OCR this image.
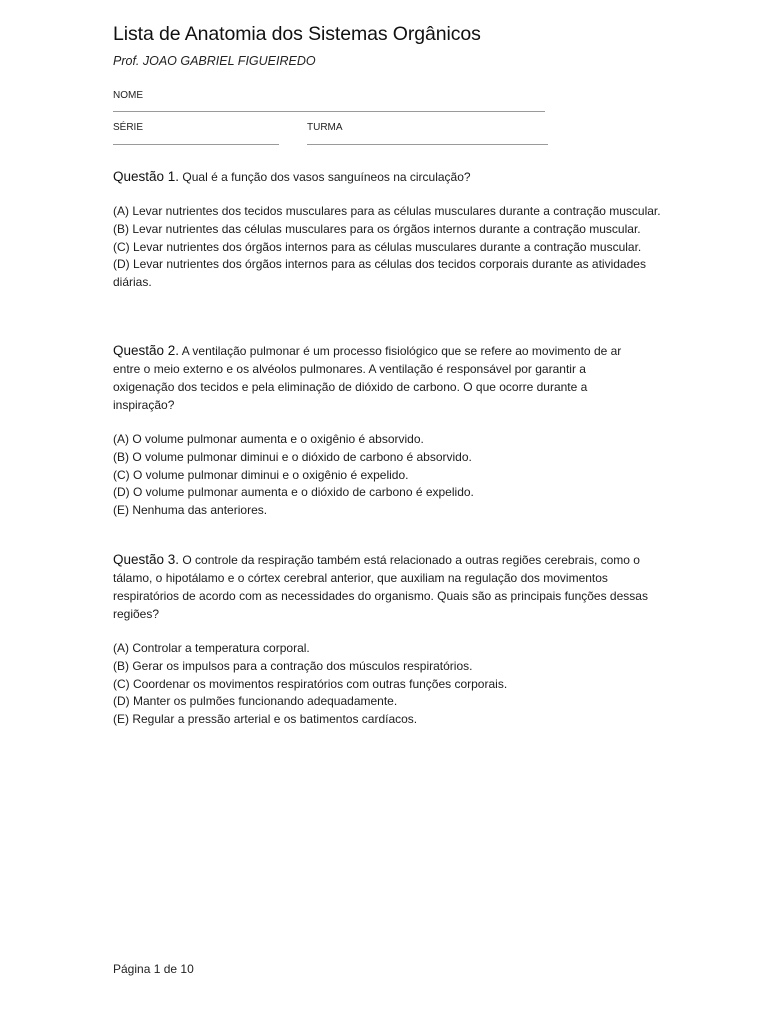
Lista de Anatomia dos Sistemas Orgânicos
Prof. JOAO GABRIEL FIGUEIREDO
NOME
SÉRIE	TURMA
Questão 1. Qual é a função dos vasos sanguíneos na circulação?
(A) Levar nutrientes dos tecidos musculares para as células musculares durante a contração muscular.
(B) Levar nutrientes das células musculares para os órgãos internos durante a contração muscular.
(C) Levar nutrientes dos órgãos internos para as células musculares durante a contração muscular.
(D) Levar nutrientes dos órgãos internos para as células dos tecidos corporais durante as atividades diárias.
Questão 2. A ventilação pulmonar é um processo fisiológico que se refere ao movimento de ar entre o meio externo e os alvéolos pulmonares. A ventilação é responsável por garantir a oxigenação dos tecidos e pela eliminação de dióxido de carbono. O que ocorre durante a inspiração?
(A) O volume pulmonar aumenta e o oxigênio é absorvido.
(B) O volume pulmonar diminui e o dióxido de carbono é absorvido.
(C) O volume pulmonar diminui e o oxigênio é expelido.
(D) O volume pulmonar aumenta e o dióxido de carbono é expelido.
(E) Nenhuma das anteriores.
Questão 3. O controle da respiração também está relacionado a outras regiões cerebrais, como o tálamo, o hipotálamo e o córtex cerebral anterior, que auxiliam na regulação dos movimentos respiratórios de acordo com as necessidades do organismo. Quais são as principais funções dessas regiões?
(A) Controlar a temperatura corporal.
(B) Gerar os impulsos para a contração dos músculos respiratórios.
(C) Coordenar os movimentos respiratórios com outras funções corporais.
(D) Manter os pulmões funcionando adequadamente.
(E) Regular a pressão arterial e os batimentos cardíacos.
Página 1 de 10
